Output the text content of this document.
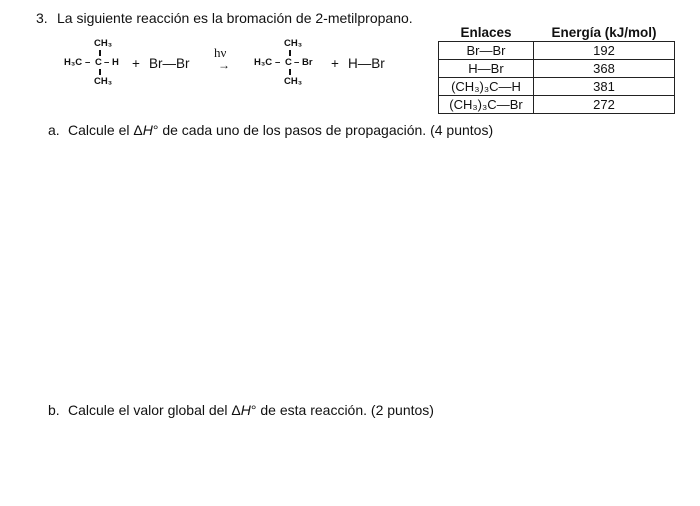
3. La siguiente reacción es la bromación de 2-metilpropano.
CH₃
H₃C – C – H
CH₃
+ Br—Br
hν
→
CH₃
H₃C – C – Br
CH₃
+ H—Br
Enlaces	Energía (kJ/mol)
Br—Br	192
H—Br	368
(CH₃)₃C—H	381
(CH₃)₃C—Br	272
a. Calcule el ΔH° de cada uno de los pasos de propagación. (4 puntos)
b. Calcule el valor global del ΔH° de esta reacción. (2 puntos)
